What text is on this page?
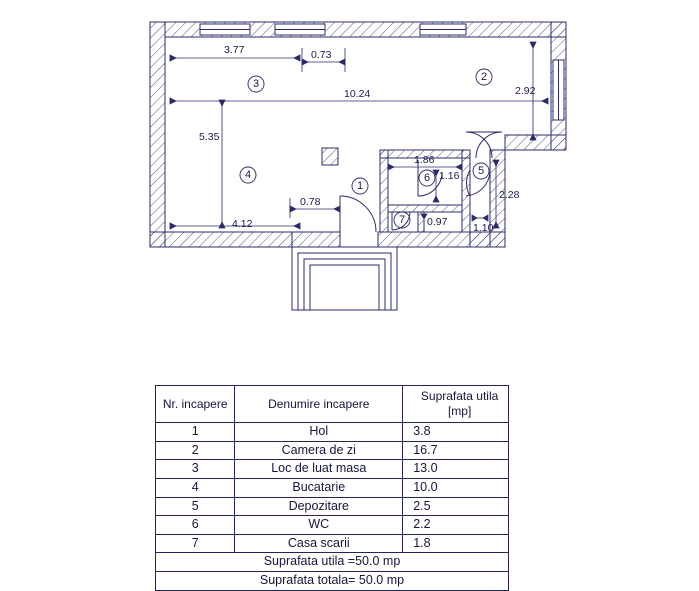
3
2
4
1
5
6
7
3.77	0.73
10.24	2.92
5.35
1.86
1.16
2.28
0.78
4.12	0.97 1.10
Nr. incapere	Denumire incapere	Suprafata utila
[mp]

1	Hol	3.8
2	Camera de zi	16.7
3	Loc de luat masa	13.0
4	Bucatarie	10.0
5	Depozitare	2.5
6	WC	2.2
7	Casa scarii	1.8
Suprafata utila =50.0 mp		
Suprafata totala= 50.0 mp		
